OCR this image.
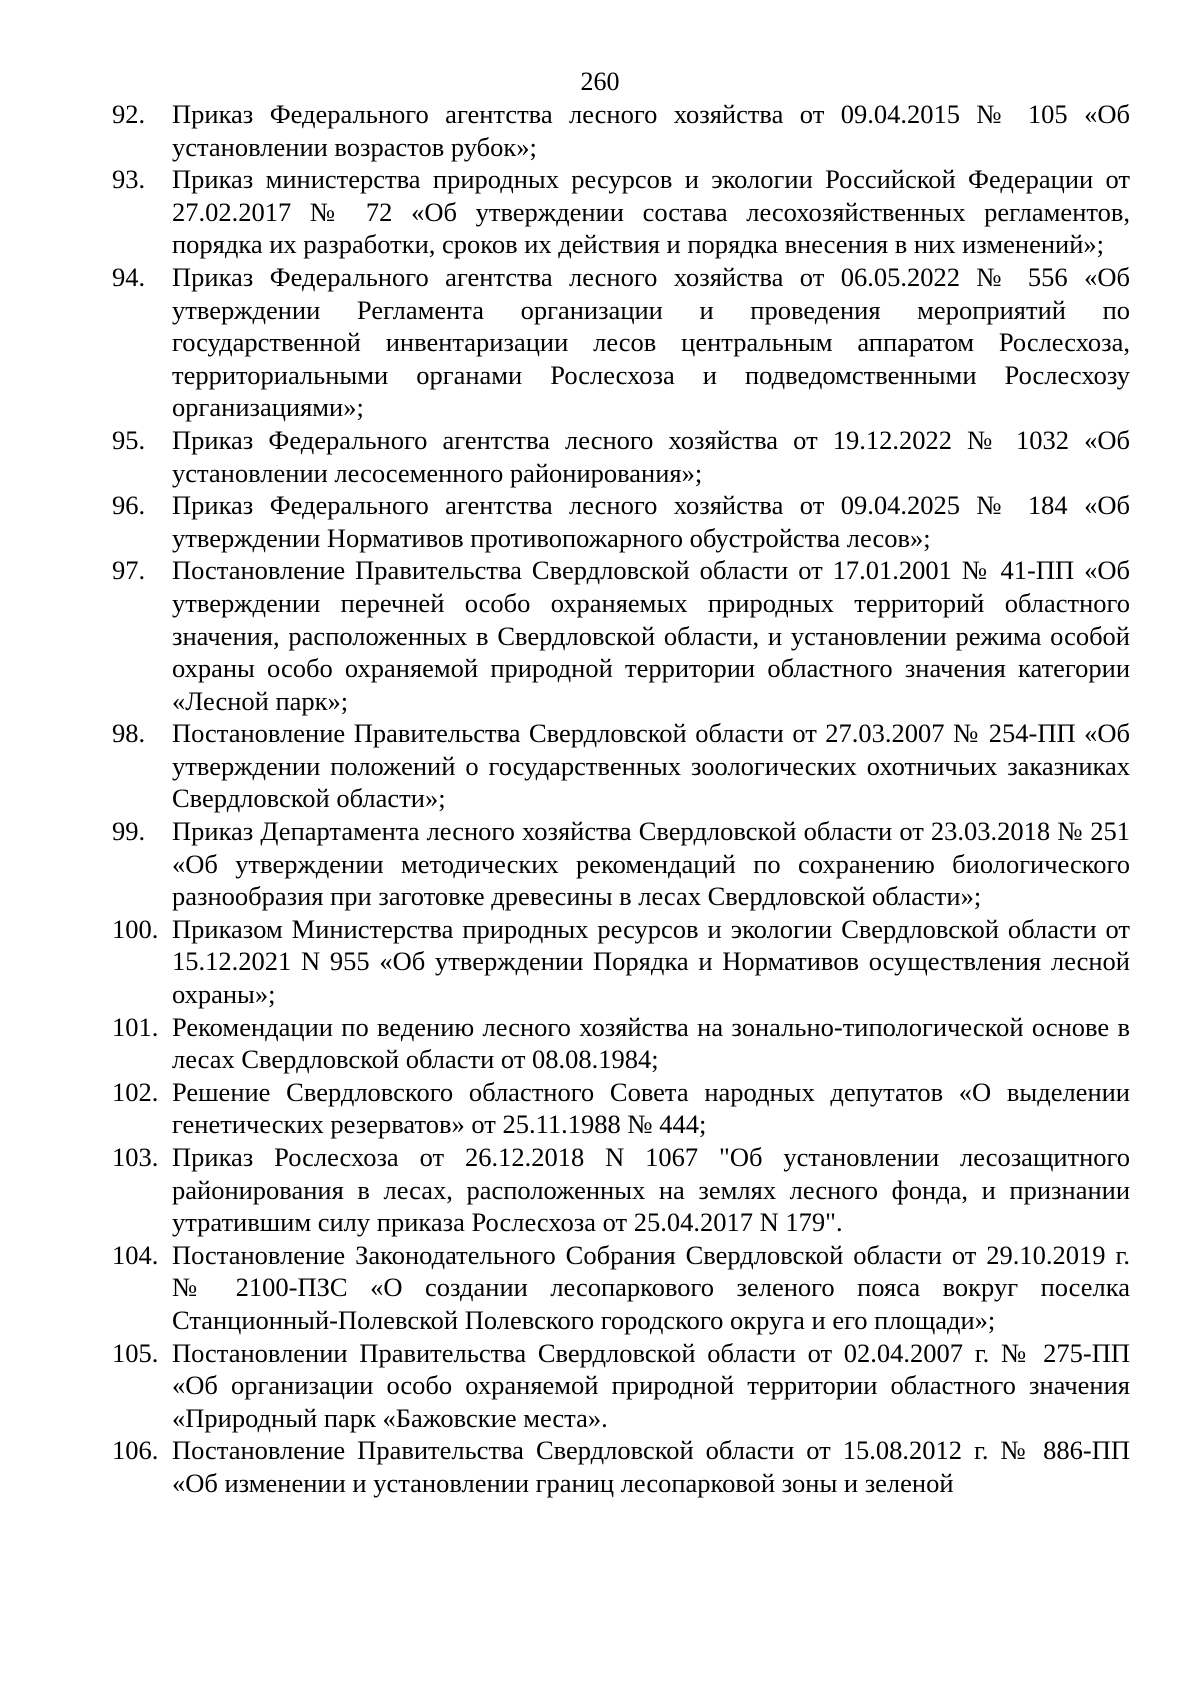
260
92.	Приказ Федерального агентства лесного хозяйства от 09.04.2015 № 105 «Об установлении возрастов рубок»;
93.	Приказ министерства природных ресурсов и экологии Российской Федерации от 27.02.2017 № 72 «Об утверждении состава лесохозяйственных регламентов, порядка их разработки, сроков их действия и порядка внесения в них изменений»;
94.	Приказ Федерального агентства лесного хозяйства от 06.05.2022 № 556 «Об утверждении Регламента организации и проведения мероприятий по государственной инвентаризации лесов центральным аппаратом Рослесхоза, территориальными органами Рослесхоза и подведомственными Рослесхозу организациями»;
95.	Приказ Федерального агентства лесного хозяйства от 19.12.2022 № 1032 «Об установлении лесосеменного районирования»;
96.	Приказ Федерального агентства лесного хозяйства от 09.04.2025 № 184 «Об утверждении Нормативов противопожарного обустройства лесов»;
97.	Постановление Правительства Свердловской области от 17.01.2001 № 41-ПП «Об утверждении перечней особо охраняемых природных территорий областного значения, расположенных в Свердловской области, и установлении режима особой охраны особо охраняемой природной территории областного значения категории «Лесной парк»;
98.	Постановление Правительства Свердловской области от 27.03.2007 № 254-ПП «Об утверждении положений о государственных зоологических охотничьих заказниках Свердловской области»;
99.	Приказ Департамента лесного хозяйства Свердловской области от 23.03.2018 № 251 «Об утверждении методических рекомендаций по сохранению биологического разнообразия при заготовке древесины в лесах Свердловской области»;
100. Приказом Министерства природных ресурсов и экологии Свердловской области от 15.12.2021 N 955 «Об утверждении Порядка и Нормативов осуществления лесной охраны»;
101. Рекомендации по ведению лесного хозяйства на зонально-типологической основе в лесах Свердловской области от 08.08.1984;
102. Решение Свердловского областного Совета народных депутатов «О выделении генетических резерватов» от 25.11.1988 № 444;
103. Приказ Рослесхоза от 26.12.2018 N 1067 "Об установлении лесозащитного районирования в лесах, расположенных на землях лесного фонда, и признании утратившим силу приказа Рослесхоза от 25.04.2017 N 179".
104. Постановление Законодательного Собрания Свердловской области от 29.10.2019 г. № 2100-ПЗС «О создании лесопаркового зеленого пояса вокруг поселка Станционный-Полевской Полевского городского округа и его площади»;
105. Постановлении Правительства Свердловской области от 02.04.2007 г. № 275-ПП «Об организации особо охраняемой природной территории областного значения «Природный парк «Бажовские места».
106. Постановление Правительства Свердловской области от 15.08.2012 г. № 886-ПП «Об изменении и установлении границ лесопарковой зоны и зеленой
